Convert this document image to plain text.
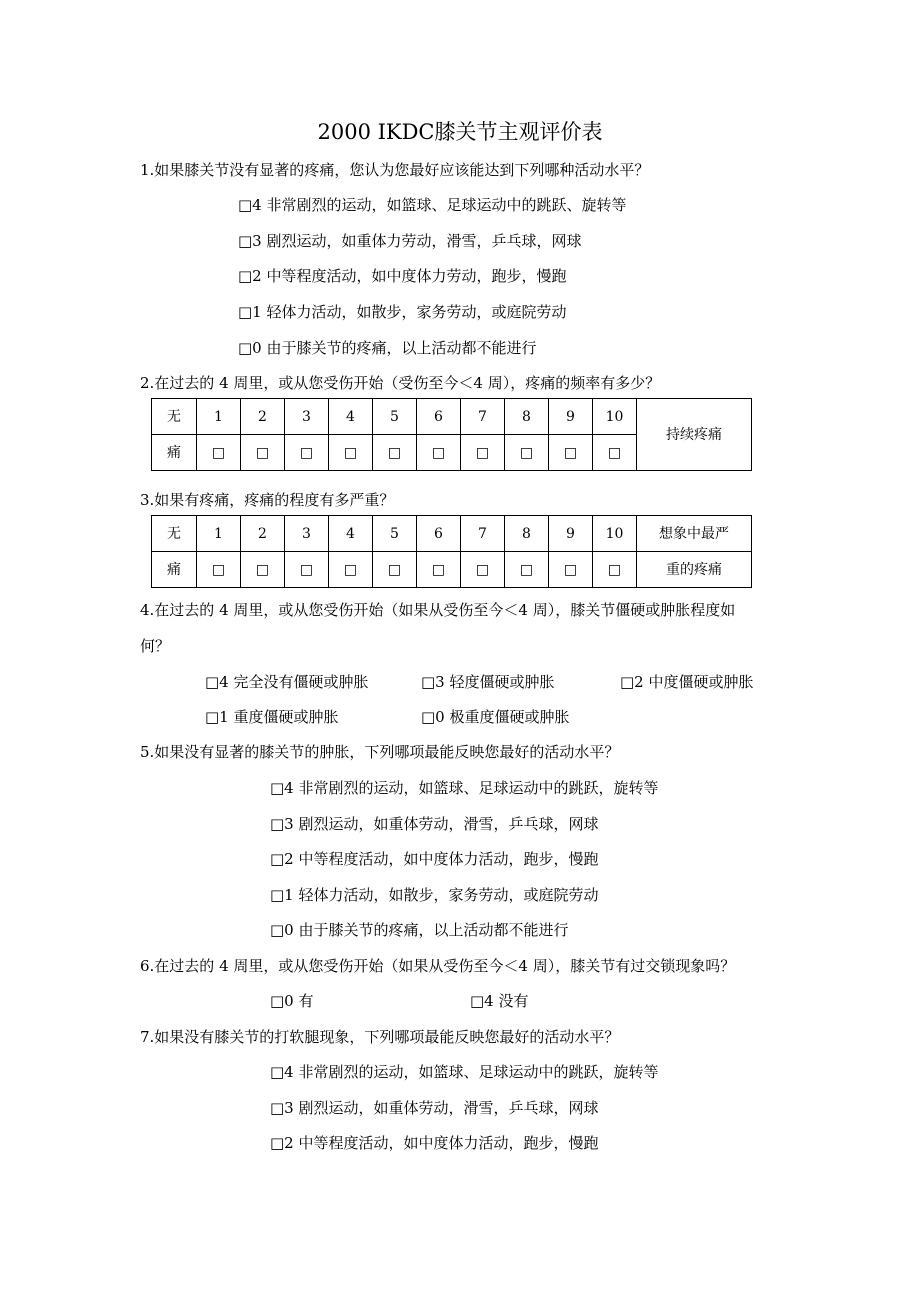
2000 IKDC膝关节主观评价表
1.如果膝关节没有显著的疼痛，您认为您最好应该能达到下列哪种活动水平？
□4 非常剧烈的运动，如篮球、足球运动中的跳跃、旋转等
□3 剧烈运动，如重体力劳动，滑雪，乒乓球，网球
□2 中等程度活动，如中度体力劳动，跑步，慢跑
□1 轻体力活动，如散步，家务劳动，或庭院劳动
□0 由于膝关节的疼痛，以上活动都不能进行
2.在过去的 4 周里，或从您受伤开始（受伤至今＜4 周），疼痛的频率有多少？
无	1	2	3	4	5	6	7	8	9	10	持续疼痛
痛	□	□	□	□	□	□	□	□	□	□	
3.如果有疼痛，疼痛的程度有多严重？
无	1	2	3	4	5	6	7	8	9	10	想象中最严
痛	□	□	□	□	□	□	□	□	□	□	重的疼痛
4.在过去的 4 周里，或从您受伤开始（如果从受伤至今＜4 周），膝关节僵硬或肿胀程度如
何？
□4 完全没有僵硬或肿胀	□3 轻度僵硬或肿胀	□2 中度僵硬或肿胀
□1 重度僵硬或肿胀	□0 极重度僵硬或肿胀
5.如果没有显著的膝关节的肿胀，下列哪项最能反映您最好的活动水平？
□4 非常剧烈的运动，如篮球、足球运动中的跳跃，旋转等
□3 剧烈运动，如重体劳动，滑雪，乒乓球，网球
□2 中等程度活动，如中度体力活动，跑步，慢跑
□1 轻体力活动，如散步，家务劳动，或庭院劳动
□0 由于膝关节的疼痛，以上活动都不能进行
6.在过去的 4 周里，或从您受伤开始（如果从受伤至今＜4 周），膝关节有过交锁现象吗？
□0 有	□4 没有
7.如果没有膝关节的打软腿现象，下列哪项最能反映您最好的活动水平？
□4 非常剧烈的运动，如篮球、足球运动中的跳跃，旋转等
□3 剧烈运动，如重体劳动，滑雪，乒乓球，网球
□2 中等程度活动，如中度体力活动，跑步，慢跑
